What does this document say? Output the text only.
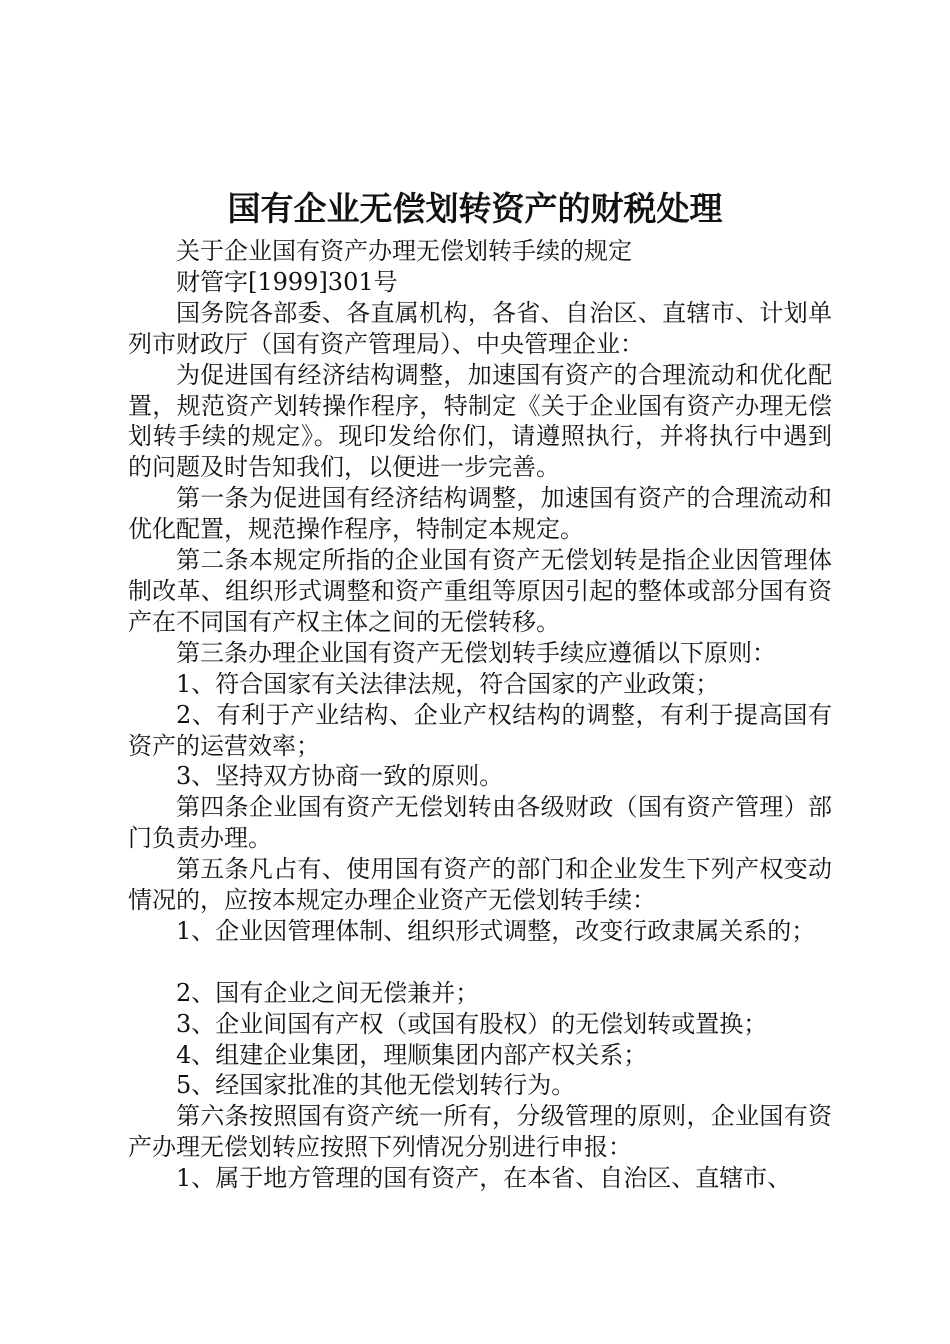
国有企业无偿划转资产的财税处理

关于企业国有资产办理无偿划转手续的规定

财管字[1999]301号

国务院各部委、各直属机构，各省、自治区、直辖市、计划单列市财政厅（国有资产管理局）、中央管理企业：

为促进国有经济结构调整，加速国有资产的合理流动和优化配置，规范资产划转操作程序，特制定《关于企业国有资产办理无偿划转手续的规定》。现印发给你们，请遵照执行，并将执行中遇到的问题及时告知我们，以便进一步完善。

第一条为促进国有经济结构调整，加速国有资产的合理流动和优化配置，规范操作程序，特制定本规定。

第二条本规定所指的企业国有资产无偿划转是指企业因管理体制改革、组织形式调整和资产重组等原因引起的整体或部分国有资产在不同国有产权主体之间的无偿转移。

第三条办理企业国有资产无偿划转手续应遵循以下原则：

1、符合国家有关法律法规，符合国家的产业政策；

2、有利于产业结构、企业产权结构的调整，有利于提高国有资产的运营效率；

3、坚持双方协商一致的原则。

第四条企业国有资产无偿划转由各级财政（国有资产管理）部门负责办理。

第五条凡占有、使用国有资产的部门和企业发生下列产权变动情况的，应按本规定办理企业资产无偿划转手续：

1、企业因管理体制、组织形式调整，改变行政隶属关系的；

2、国有企业之间无偿兼并；

3、企业间国有产权（或国有股权）的无偿划转或置换；

4、组建企业集团，理顺集团内部产权关系；

5、经国家批准的其他无偿划转行为。

第六条按照国有资产统一所有，分级管理的原则，企业国有资产办理无偿划转应按照下列情况分别进行申报：

1、属于地方管理的国有资产，在本省、自治区、直辖市、
